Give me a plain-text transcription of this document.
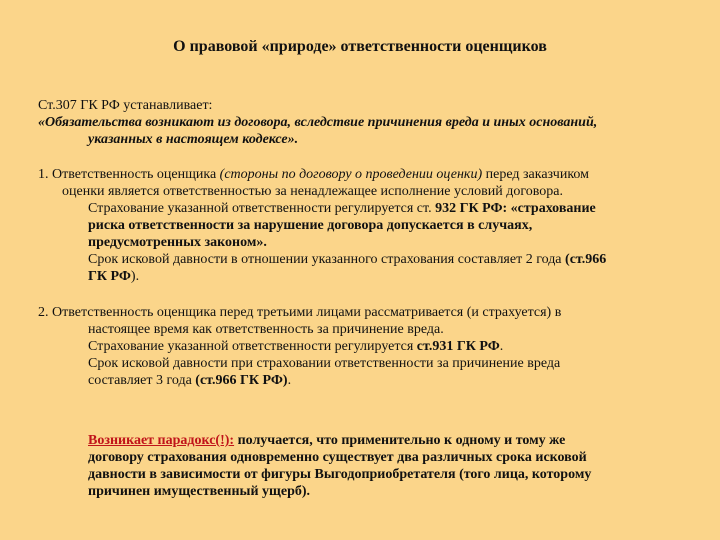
О правовой «природе» ответственности оценщиков
Ст.307 ГК РФ устанавливает:
«Обязательства возникают из договора, вследствие причинения вреда и иных оснований,
указанных в настоящем кодексе».
1. Ответственность оценщика (стороны по договору о проведении оценки) перед заказчиком
оценки является ответственностью за ненадлежащее исполнение условий договора.
Страхование указанной ответственности регулируется ст. 932 ГК РФ: «страхование
риска ответственности за нарушение договора допускается в случаях,
предусмотренных законом».
Срок исковой давности в отношении указанного страхования составляет 2 года (ст.966
ГК РФ).
2. Ответственность оценщика перед третьими лицами рассматривается (и страхуется) в
настоящее время как ответственность за причинение вреда.
Страхование указанной ответственности регулируется ст.931 ГК РФ.
Срок исковой давности при страховании ответственности за причинение вреда
составляет 3 года (ст.966 ГК РФ).
Возникает парадокс(!): получается, что применительно к одному и тому же
договору страхования одновременно существует два различных срока исковой
давности в зависимости от фигуры Выгодоприобретателя (того лица, которому
причинен имущественный ущерб).
